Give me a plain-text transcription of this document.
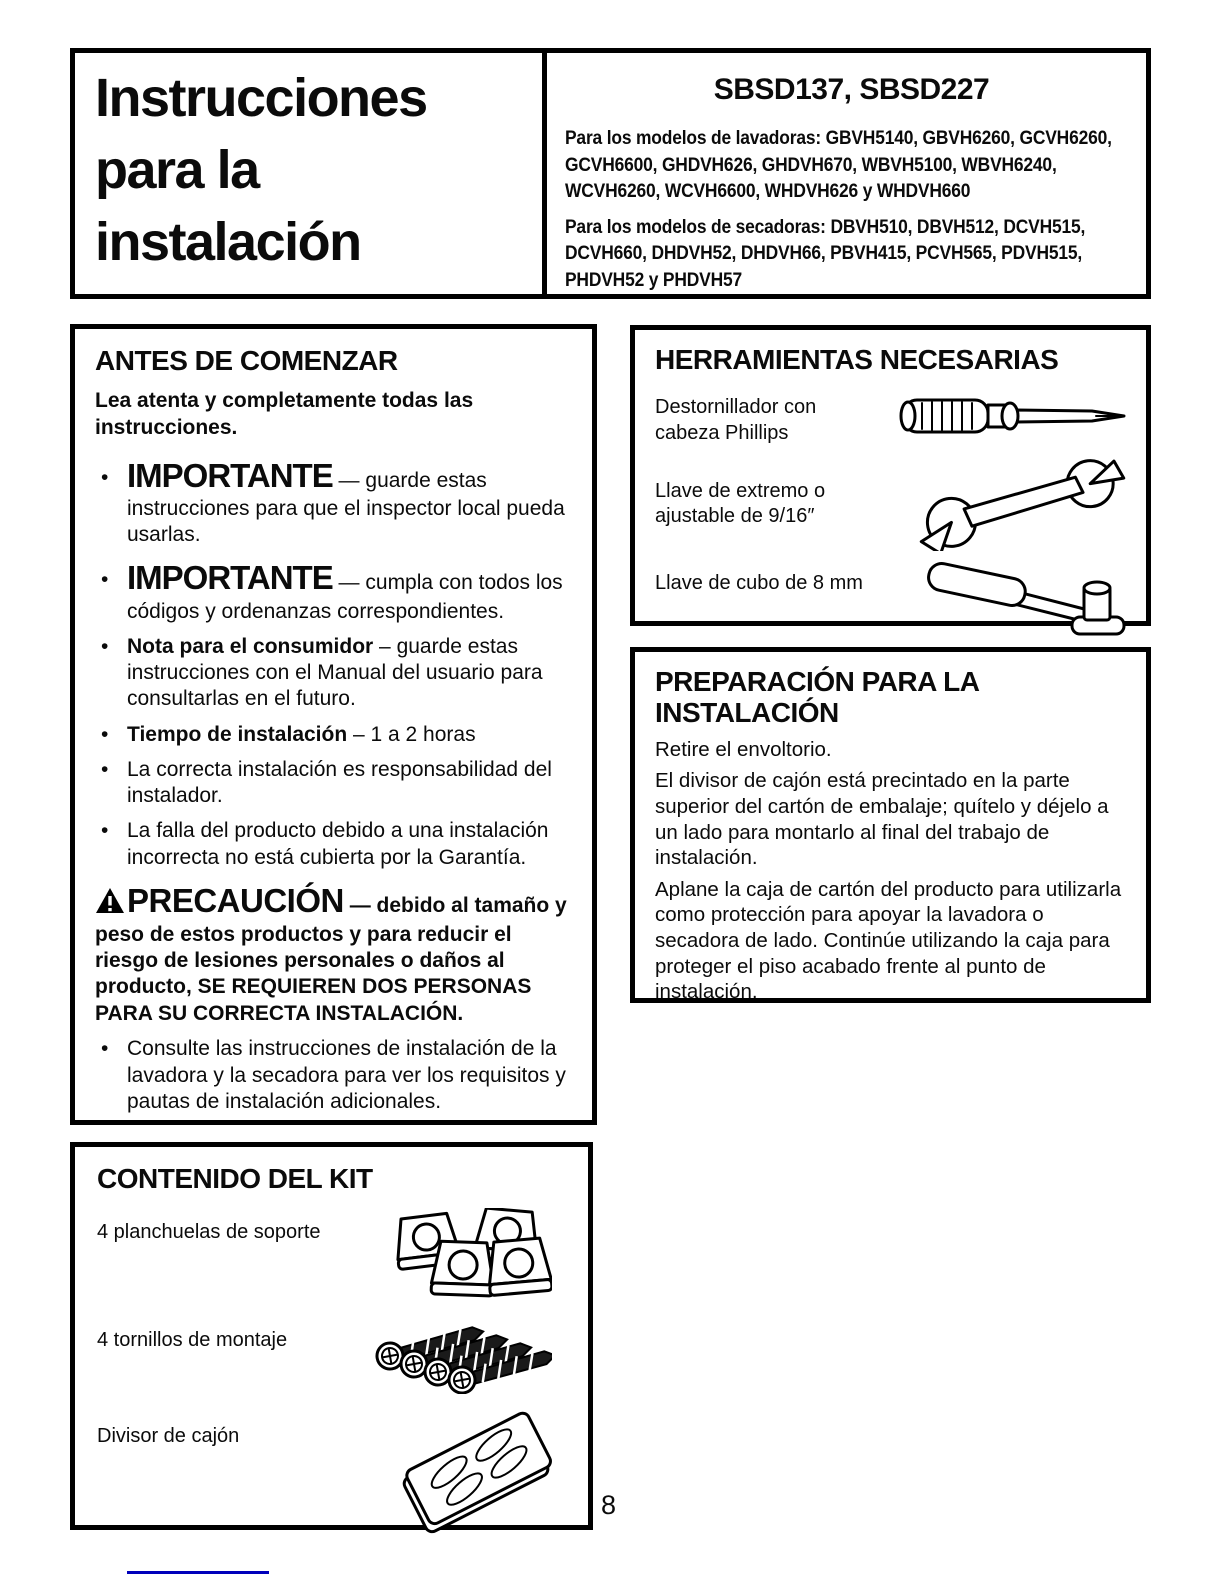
Instrucciones para la instalación
SBSD137, SBSD227

Para los modelos de lavadoras: GBVH5140, GBVH6260, GCVH6260, GCVH6600, GHDVH626, GHDVH670, WBVH5100, WBVH6240, WCVH6260, WCVH6600, WHDVH626 y WHDVH660

Para los modelos de secadoras: DBVH510, DBVH512, DCVH515, DCVH660, DHDVH52, DHDVH66, PBVH415, PCVH565, PDVH515, PHDVH52 y PHDVH57

ANTES DE COMENZAR

Lea atenta y completamente todas las instrucciones.

• IMPORTANTE — guarde estas instrucciones para que el inspector local pueda usarlas.
• IMPORTANTE — cumpla con todos los códigos y ordenanzas correspondientes.
• Nota para el consumidor – guarde estas instrucciones con el Manual del usuario para consultarlas en el futuro.
• Tiempo de instalación – 1 a 2 horas
• La correcta instalación es responsabilidad del instalador.
• La falla del producto debido a una instalación incorrecta no está cubierta por la Garantía.

PRECAUCIÓN — debido al tamaño y peso de estos productos y para reducir el riesgo de lesiones personales o daños al producto, SE REQUIEREN DOS PERSONAS PARA SU CORRECTA INSTALACIÓN.

• Consulte las instrucciones de instalación de la lavadora y la secadora para ver los requisitos y pautas de instalación adicionales.
HERRAMIENTAS NECESARIAS
Destornillador con cabeza Phillips
Llave de extremo o ajustable de 9/16″
Llave de cubo de 8 mm
PREPARACIÓN PARA LA INSTALACIÓN

Retire el envoltorio.

El divisor de cajón está precintado en la parte superior del cartón de embalaje; quítelo y déjelo a un lado para montarlo al final del trabajo de instalación.

Aplane la caja de cartón del producto para utilizarla como protección para apoyar la lavadora o secadora de lado. Continúe utilizando la caja para proteger el piso acabado frente al punto de instalación.

CONTENIDO DEL KIT
4 planchuelas de soporte
4 tornillos de montaje
Divisor de cajón
8
